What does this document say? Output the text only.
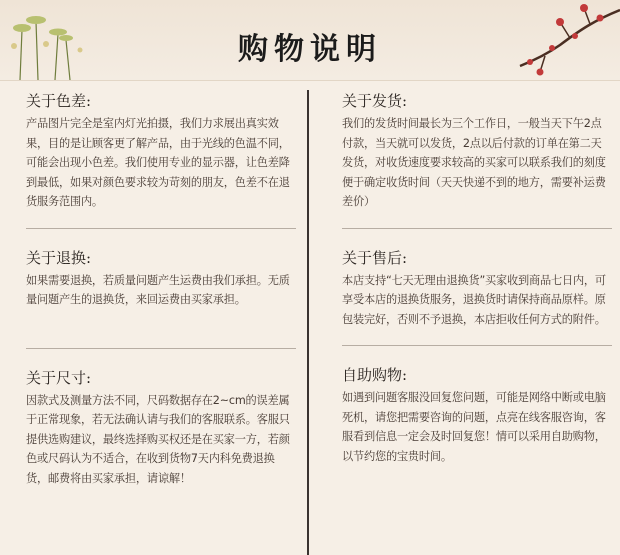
购物说明
关于色差:

产品图片完全是室内灯光拍摄，我们力求展出真实效果，目的是让顾客更了解产品，由于光线的色温不同，可能会出现小色差。我们使用专业的显示器，让色差降到最低，如果对颜色要求较为苛刻的朋友，色差不在退货服务范围内。

关于退换:

如果需要退换，若质量问题产生运费由我们承担。无质量问题产生的退换货，来回运费由买家承担。

关于尺寸:

因款式及测量方法不同，尺码数据存在2~cm的误差属于正常现象，若无法确认请与我们的客服联系。客服只提供选购建议，最终选择购买权还是在买家一方，若颜色或尺码认为不适合，在收到货物7天内科免费退换货，邮费将由买家承担，请谅解！

关于发货:

我们的发货时间最长为三个工作日，一般当天下午2点付款，当天就可以发货，2点以后付款的订单在第二天发货，对收货速度要求较高的买家可以联系我们的刻度便于确定收货时间（天天快递不到的地方，需要补运费差价）

关于售后:

本店支持“七天无理由退换货”买家收到商品七日内，可享受本店的退换货服务，退换货时请保持商品原样。原包装完好，否则不予退换，本店拒收任何方式的附件。

自助购物:

如遇到问题客服没回复您问题，可能是网络中断或电脑死机，请您把需要咨询的问题，点亮在线客服咨询，客服看到信息一定会及时回复您！情可以采用自助购物，以节约您的宝贵时间。
